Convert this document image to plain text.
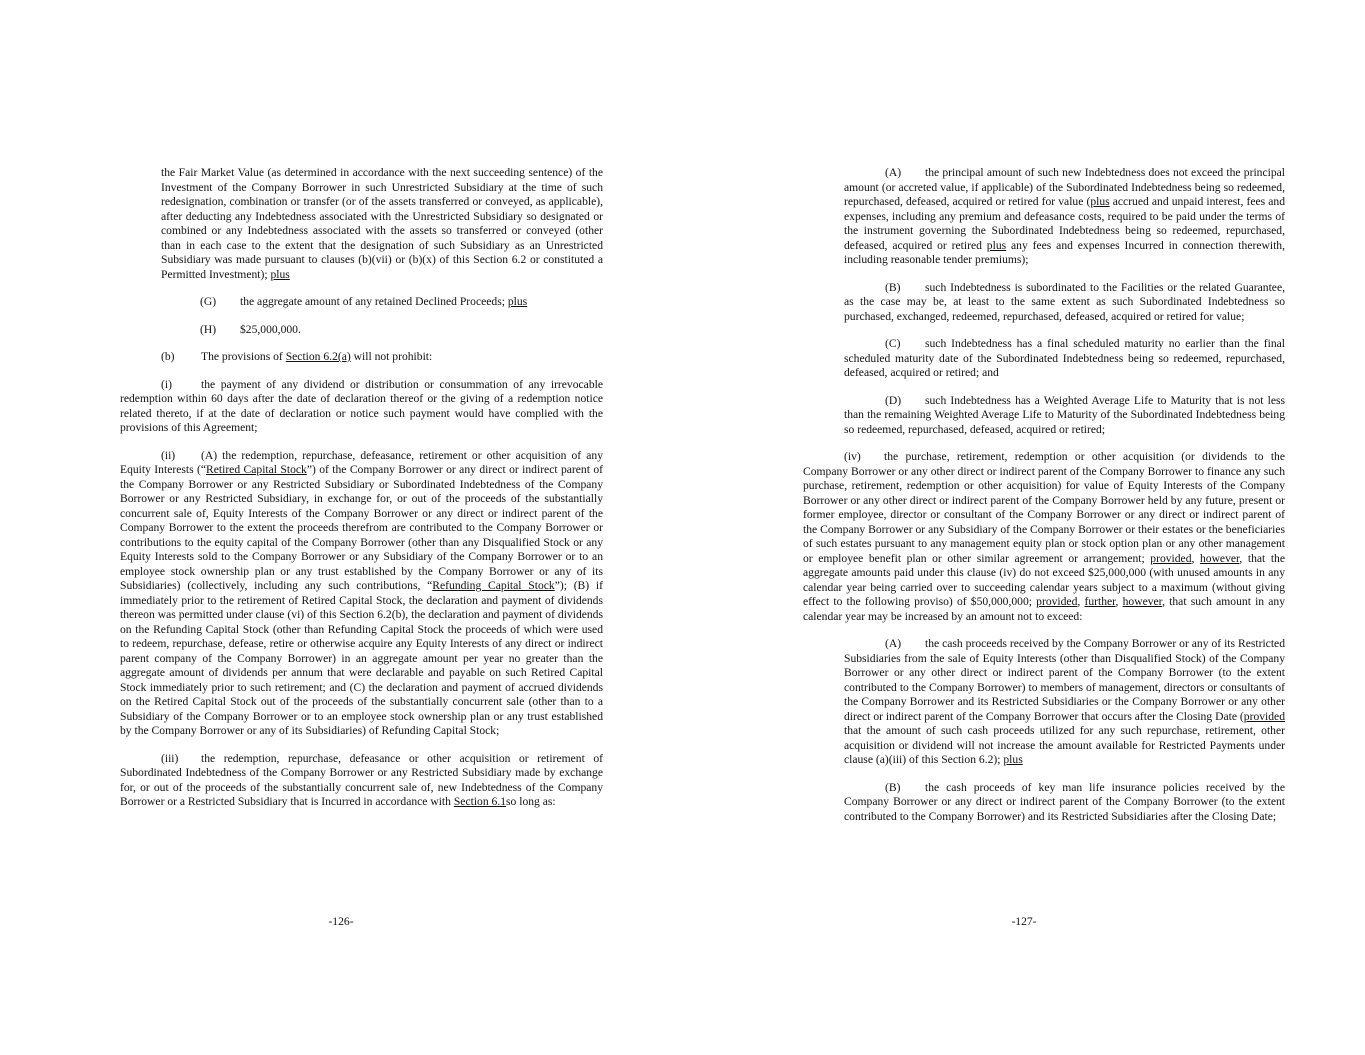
the Fair Market Value (as determined in accordance with the next succeeding sentence) of the Investment of the Company Borrower in such Unrestricted Subsidiary at the time of such redesignation, combination or transfer (or of the assets transferred or conveyed, as applicable), after deducting any Indebtedness associated with the Unrestricted Subsidiary so designated or combined or any Indebtedness associated with the assets so transferred or conveyed (other than in each case to the extent that the designation of such Subsidiary as an Unrestricted Subsidiary was made pursuant to clauses (b)(vii) or (b)(x) of this Section 6.2 or constituted a Permitted Investment); plus

(G) the aggregate amount of any retained Declined Proceeds; plus

(H) $25,000,000.

(b) The provisions of Section 6.2(a) will not prohibit:

(i)	the payment of any dividend or distribution or consummation of any irrevocable redemption within 60 days after the date of declaration thereof or the giving of a redemption notice related thereto, if at the date of declaration or notice such payment would have complied with the provisions of this Agreement;

(ii) (A) the redemption, repurchase, defeasance, retirement or other acquisition of any Equity Interests (“Retired Capital Stock”) of the Company Borrower or any direct or indirect parent of the Company Borrower or any Restricted Subsidiary or Subordinated Indebtedness of the Company Borrower or any Restricted Subsidiary, in exchange for, or out of the proceeds of the substantially concurrent sale of, Equity Interests of the Company Borrower or any direct or indirect parent of the Company Borrower to the extent the proceeds therefrom are contributed to the Company Borrower or contributions to the equity capital of the Company Borrower (other than any Disqualified Stock or any Equity Interests sold to the Company Borrower or any Subsidiary of the Company Borrower or to an employee stock ownership plan or any trust established by the Company Borrower or any of its Subsidiaries) (collectively, including any such contributions, “Refunding Capital Stock”); (B) if immediately prior to the retirement of Retired Capital Stock, the declaration and payment of dividends thereon was permitted under clause (vi) of this Section 6.2(b), the declaration and payment of dividends on the Refunding Capital Stock (other than Refunding Capital Stock the proceeds of which were used to redeem, repurchase, defease, retire or otherwise acquire any Equity Interests of any direct or indirect parent company of the Company Borrower) in an aggregate amount per year no greater than the aggregate amount of dividends per annum that were declarable and payable on such Retired Capital Stock immediately prior to such retirement; and (C) the declaration and payment of accrued dividends on the Retired Capital Stock out of the proceeds of the substantially concurrent sale (other than to a Subsidiary of the Company Borrower or to an employee stock ownership plan or any trust established by the Company Borrower or any of its Subsidiaries) of Refunding Capital Stock;

(iii) the redemption, repurchase, defeasance or other acquisition or retirement of Subordinated Indebtedness of the Company Borrower or any Restricted Subsidiary made by exchange for, or out of the proceeds of the substantially concurrent sale of, new Indebtedness of the Company Borrower or a Restricted Subsidiary that is Incurred in accordance with Section 6.1so long as:

-126-

(A) the principal amount of such new Indebtedness does not exceed the principal amount (or accreted value, if applicable) of the Subordinated Indebtedness being so redeemed, repurchased, defeased, acquired or retired for value (plus accrued and unpaid interest, fees and expenses, including any premium and defeasance costs, required to be paid under the terms of the instrument governing the Subordinated Indebtedness being so redeemed, repurchased, defeased, acquired or retired plus any fees and expenses Incurred in connection therewith, including reasonable tender premiums);

(B) such Indebtedness is subordinated to the Facilities or the related Guarantee, as the case may be, at least to the same extent as such Subordinated Indebtedness so purchased, exchanged, redeemed, repurchased, defeased, acquired or retired for value;

(C) such Indebtedness has a final scheduled maturity no earlier than the final scheduled maturity date of the Subordinated Indebtedness being so redeemed, repurchased, defeased, acquired or retired; and

(D) such Indebtedness has a Weighted Average Life to Maturity that is not less than the remaining Weighted Average Life to Maturity of the Subordinated Indebtedness being so redeemed, repurchased, defeased, acquired or retired;

(iv) the purchase, retirement, redemption or other acquisition (or dividends to the Company Borrower or any other direct or indirect parent of the Company Borrower to finance any such purchase, retirement, redemption or other acquisition) for value of Equity Interests of the Company Borrower or any other direct or indirect parent of the Company Borrower held by any future, present or former employee, director or consultant of the Company Borrower or any direct or indirect parent of the Company Borrower or any Subsidiary of the Company Borrower or their estates or the beneficiaries of such estates pursuant to any management equity plan or stock option plan or any other management or employee benefit plan or other similar agreement or arrangement; provided, however, that the aggregate amounts paid under this clause (iv) do not exceed $25,000,000 (with unused amounts in any calendar year being carried over to succeeding calendar years subject to a maximum (without giving effect to the following proviso) of $50,000,000; provided, further, however, that such amount in any calendar year may be increased by an amount not to exceed:

(A) the cash proceeds received by the Company Borrower or any of its Restricted Subsidiaries from the sale of Equity Interests (other than Disqualified Stock) of the Company Borrower or any other direct or indirect parent of the Company Borrower (to the extent contributed to the Company Borrower) to members of management, directors or consultants of the Company Borrower and its Restricted Subsidiaries or the Company Borrower or any other direct or indirect parent of the Company Borrower that occurs after the Closing Date (provided that the amount of such cash proceeds utilized for any such repurchase, retirement, other acquisition or dividend will not increase the amount available for Restricted Payments under clause (a)(iii) of this Section 6.2); plus

(B) the cash proceeds of key man life insurance policies received by the Company Borrower or any direct or indirect parent of the Company Borrower (to the extent contributed to the Company Borrower) and its Restricted Subsidiaries after the Closing Date;

-127-
